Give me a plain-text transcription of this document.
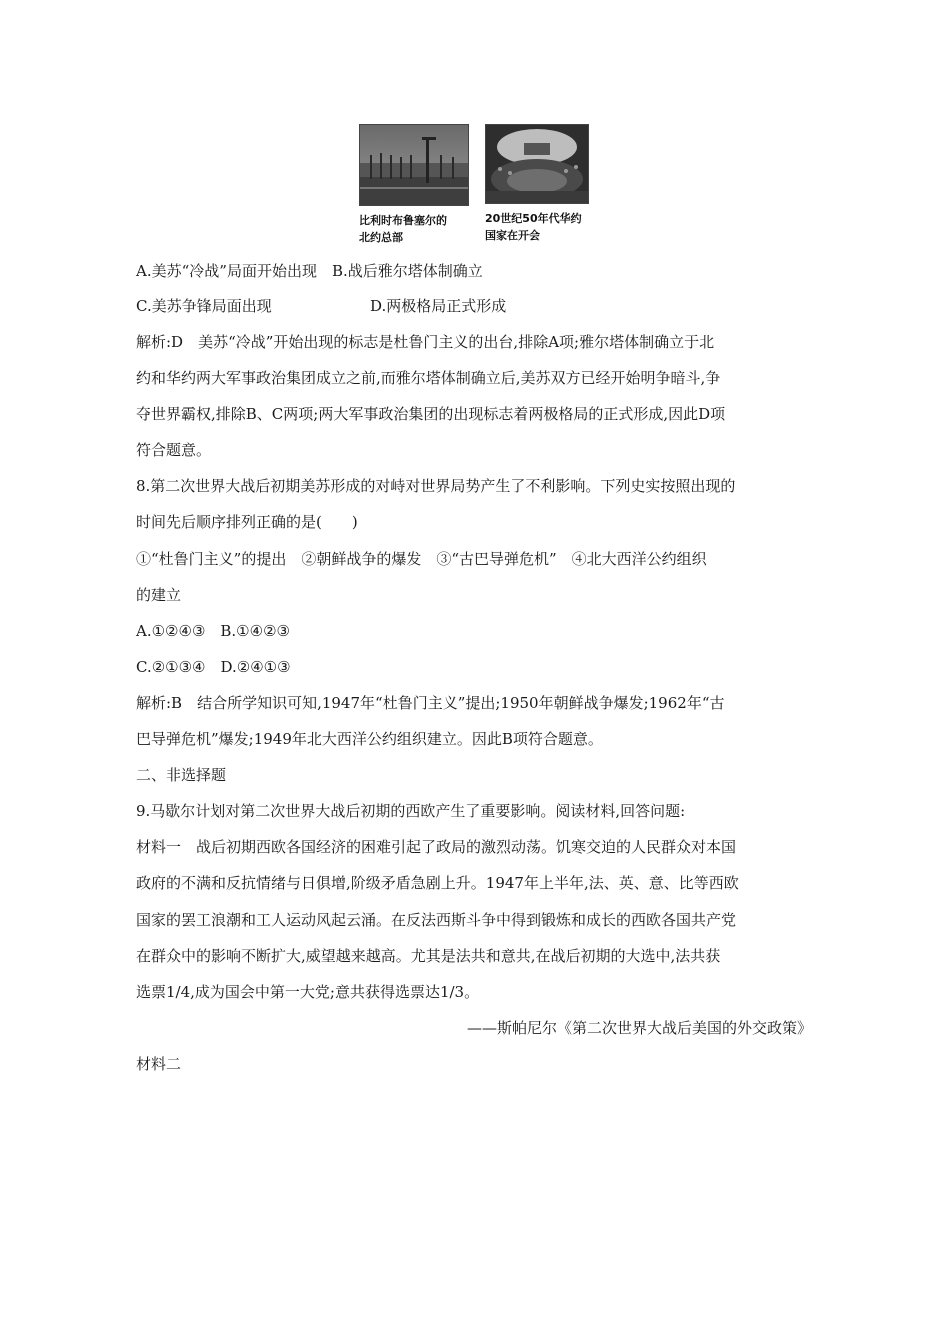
比利时布鲁塞尔的
北约总部
20世纪50年代华约
国家在开会
A.美苏“冷战”局面开始出现　B.战后雅尔塔体制确立
C.美苏争锋局面出现	D.两极格局正式形成
解析:D　美苏“冷战”开始出现的标志是杜鲁门主义的出台,排除A项;雅尔塔体制确立于北
约和华约两大军事政治集团成立之前,而雅尔塔体制确立后,美苏双方已经开始明争暗斗,争
夺世界霸权,排除B、C两项;两大军事政治集团的出现标志着两极格局的正式形成,因此D项
符合题意。
8.第二次世界大战后初期美苏形成的对峙对世界局势产生了不利影响。下列史实按照出现的
时间先后顺序排列正确的是(　　)
①“杜鲁门主义”的提出　②朝鲜战争的爆发　③“古巴导弹危机”　④北大西洋公约组织
的建立
A.①②④③　B.①④②③
C.②①③④　D.②④①③
解析:B　结合所学知识可知,1947年“杜鲁门主义”提出;1950年朝鲜战争爆发;1962年“古
巴导弹危机”爆发;1949年北大西洋公约组织建立。因此B项符合题意。
二、非选择题
9.马歇尔计划对第二次世界大战后初期的西欧产生了重要影响。阅读材料,回答问题:
材料一　战后初期西欧各国经济的困难引起了政局的激烈动荡。饥寒交迫的人民群众对本国
政府的不满和反抗情绪与日俱增,阶级矛盾急剧上升。1947年上半年,法、英、意、比等西欧
国家的罢工浪潮和工人运动风起云涌。在反法西斯斗争中得到锻炼和成长的西欧各国共产党
在群众中的影响不断扩大,威望越来越高。尤其是法共和意共,在战后初期的大选中,法共获
选票1/4,成为国会中第一大党;意共获得选票达1/3。
——斯帕尼尔《第二次世界大战后美国的外交政策》
材料二
